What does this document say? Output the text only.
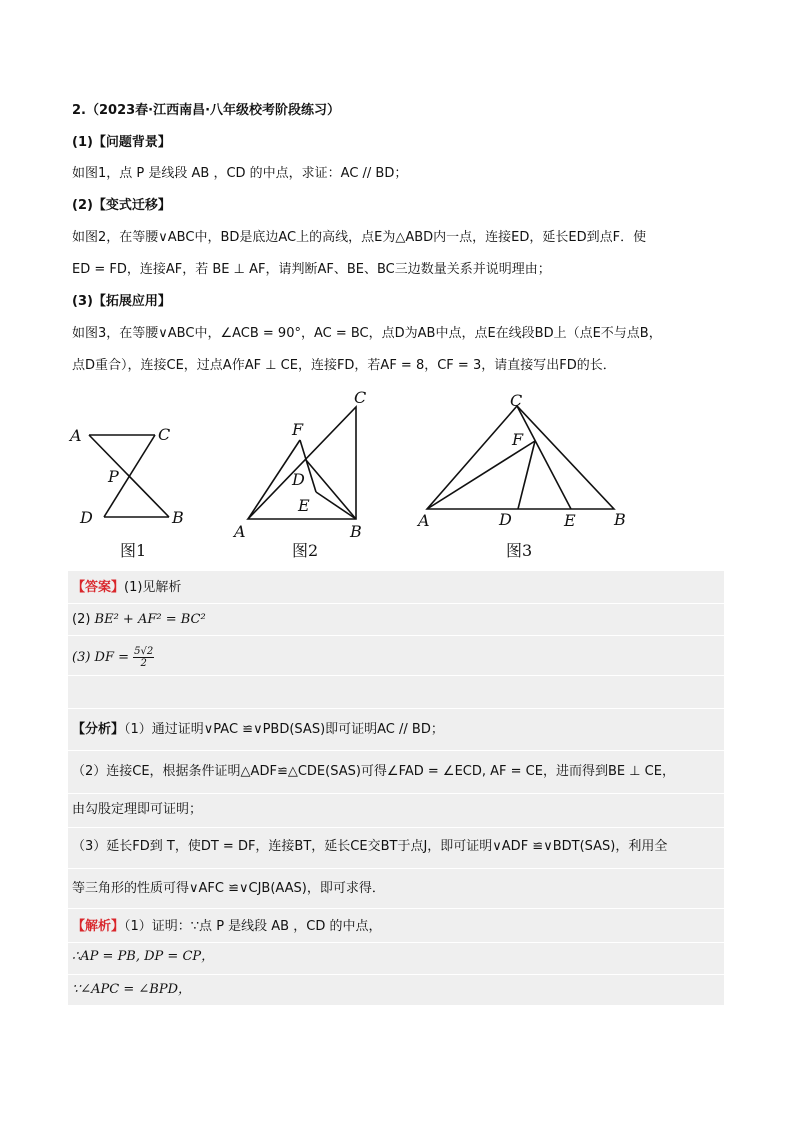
2.（2023春·江西南昌·八年级校考阶段练习）
(1)【问题背景】
如图1，点 P 是线段 AB ，CD 的中点，求证：AC // BD；
(2)【变式迁移】
如图2，在等腰∨ABC中，BD是底边AC上的高线，点E为△ABD内一点，连接ED，延长ED到点F．使
ED = FD，连接AF，若 BE ⊥ AF，请判断AF、BE、BC三边数量关系并说明理由；
(3)【拓展应用】
如图3，在等腰∨ABC中，∠ACB = 90°，AC = BC，点D为AB中点，点E在线段BD上（点E不与点B，
点D重合），连接CE，过点A作AF ⊥ CE，连接FD，若AF = 8，CF = 3，请直接写出FD的长．
A	C
P
D	B
图1
F
C
D
E
A	B
图2
C
F
A	D	E B
图3
【答案】(1)见解析
(2) BE² + AF² = BC²
(3) DF = $\frac{5√2}{2}$
【分析】（1）通过证明∨PAC ≌∨PBD(SAS)即可证明AC // BD；
（2）连接CE，根据条件证明△ADF≌△CDE(SAS)可得∠FAD = ∠ECD, AF = CE，进而得到BE ⊥ CE，
由勾股定理即可证明；
（3）延长FD到 T，使DT = DF，连接BT，延长CE交BT于点J，即可证明∨ADF ≌∨BDT(SAS)，利用全
等三角形的性质可得∨AFC ≌∨CJB(AAS)，即可求得．
【解析】（1）证明：∵点 P 是线段 AB ，CD 的中点，
∴AP = PB, DP = CP，
∵∠APC = ∠BPD，
